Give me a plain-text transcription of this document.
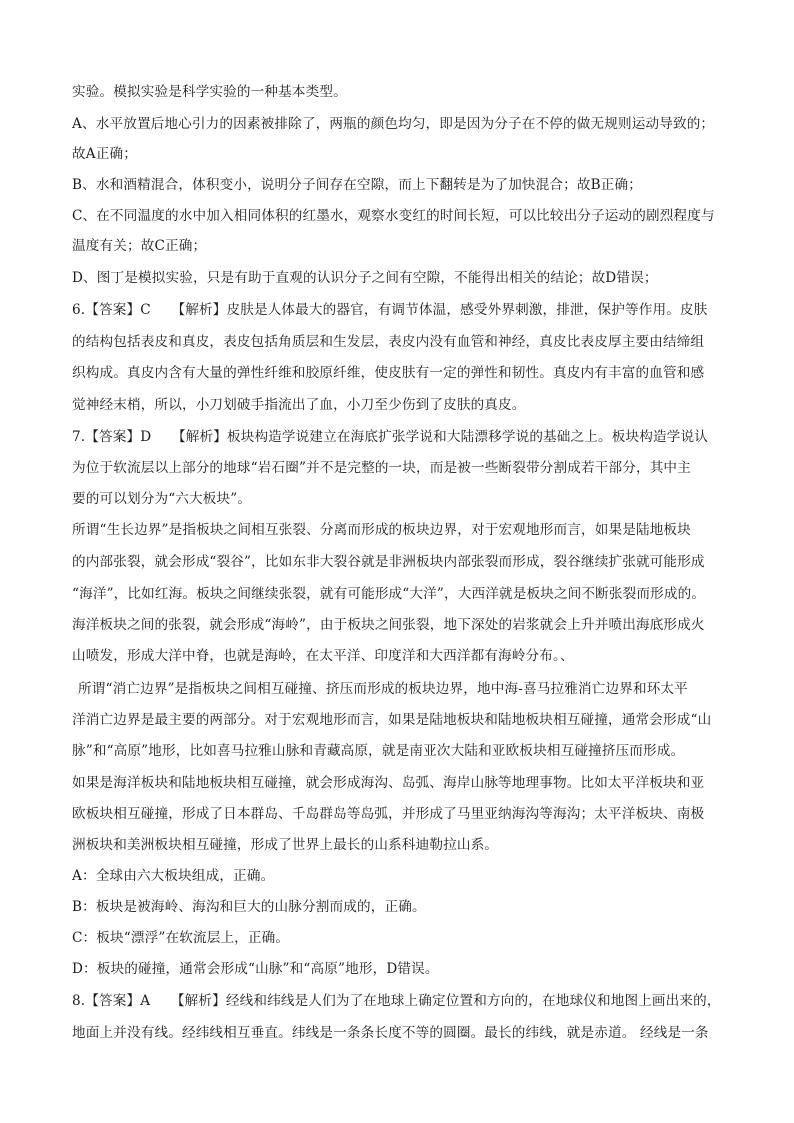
实验。模拟实验是科学实验的一种基本类型。
A、水平放置后地心引力的因素被排除了，两瓶的颜色均匀，即是因为分子在不停的做无规则运动导致的；
故A正确；
B、水和酒精混合，体积变小，说明分子间存在空隙，而上下翻转是为了加快混合；故B正确；
C、在不同温度的水中加入相同体积的红墨水，观察水变红的时间长短，可以比较出分子运动的剧烈程度与
温度有关；故C正确；
D、图丁是模拟实验，只是有助于直观的认识分子之间有空隙，不能得出相关的结论；故D错误；
6.【答案】C　　【解析】皮肤是人体最大的器官，有调节体温，感受外界刺激，排泄，保护等作用。皮肤
的结构包括表皮和真皮，表皮包括角质层和生发层，表皮内没有血管和神经，真皮比表皮厚主要由结缔组
织构成。真皮内含有大量的弹性纤维和胶原纤维，使皮肤有一定的弹性和韧性。真皮内有丰富的血管和感
觉神经末梢，所以，小刀划破手指流出了血，小刀至少伤到了皮肤的真皮。
7.【答案】D　　【解析】板块构造学说建立在海底扩张学说和大陆漂移学说的基础之上。板块构造学说认
为位于软流层以上部分的地球“岩石圈”并不是完整的一块，而是被一些断裂带分割成若干部分，其中主
要的可以划分为“六大板块”。
所谓“生长边界”是指板块之间相互张裂、分离而形成的板块边界，对于宏观地形而言，如果是陆地板块
的内部张裂，就会形成“裂谷”，比如东非大裂谷就是非洲板块内部张裂而形成，裂谷继续扩张就可能形成
“海洋”，比如红海。板块之间继续张裂，就有可能形成“大洋”，大西洋就是板块之间不断张裂而形成的。
海洋板块之间的张裂，就会形成“海岭”，由于板块之间张裂，地下深处的岩浆就会上升并喷出海底形成火
山喷发，形成大洋中脊，也就是海岭，在太平洋、印度洋和大西洋都有海岭分布。、
所谓“消亡边界”是指板块之间相互碰撞、挤压而形成的板块边界，地中海-喜马拉雅消亡边界和环太平
洋消亡边界是最主要的两部分。对于宏观地形而言，如果是陆地板块和陆地板块相互碰撞，通常会形成“山
脉”和“高原”地形，比如喜马拉雅山脉和青藏高原，就是南亚次大陆和亚欧板块相互碰撞挤压而形成。
如果是海洋板块和陆地板块相互碰撞，就会形成海沟、岛弧、海岸山脉等地理事物。比如太平洋板块和亚
欧板块相互碰撞，形成了日本群岛、千岛群岛等岛弧，并形成了马里亚纳海沟等海沟；太平洋板块、南极
洲板块和美洲板块相互碰撞，形成了世界上最长的山系科迪勒拉山系。
A：全球由六大板块组成，正确。
B：板块是被海岭、海沟和巨大的山脉分割而成的，正确。
C：板块“漂浮”在软流层上，正确。
D：板块的碰撞，通常会形成“山脉”和“高原”地形，D错误。
8.【答案】A　　【解析】经线和纬线是人们为了在地球上确定位置和方向的，在地球仪和地图上画出来的，
地面上并没有线。经纬线相互垂直。纬线是一条条长度不等的圆圈。最长的纬线，就是赤道。 经线是一条
